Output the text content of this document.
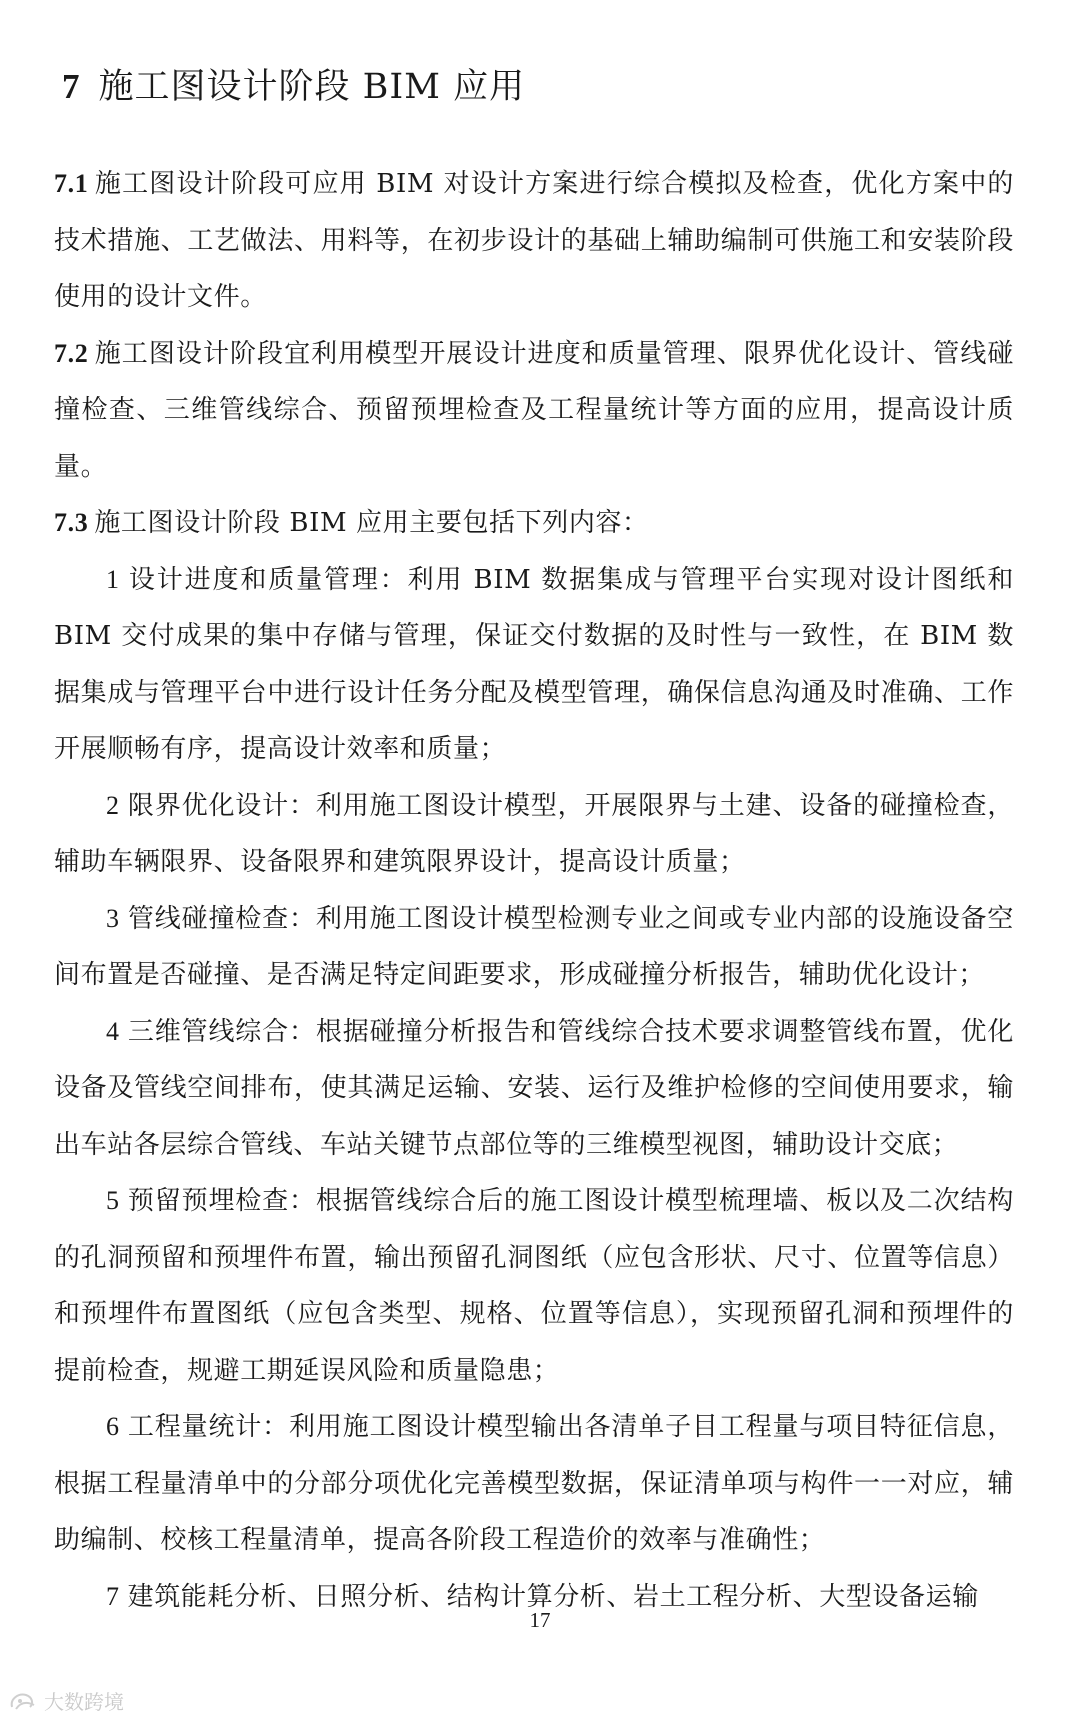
7 施工图设计阶段 BIM 应用

7.1 施工图设计阶段可应用 BIM 对设计方案进行综合模拟及检查，优化方案中的技术措施、工艺做法、用料等，在初步设计的基础上辅助编制可供施工和安装阶段使用的设计文件。

7.2 施工图设计阶段宜利用模型开展设计进度和质量管理、限界优化设计、管线碰撞检查、三维管线综合、预留预埋检查及工程量统计等方面的应用，提高设计质量。

7.3 施工图设计阶段 BIM 应用主要包括下列内容：

1 设计进度和质量管理：利用 BIM 数据集成与管理平台实现对设计图纸和 BIM 交付成果的集中存储与管理，保证交付数据的及时性与一致性，在 BIM 数据集成与管理平台中进行设计任务分配及模型管理，确保信息沟通及时准确、工作开展顺畅有序，提高设计效率和质量；

2 限界优化设计：利用施工图设计模型，开展限界与土建、设备的碰撞检查，辅助车辆限界、设备限界和建筑限界设计，提高设计质量；

3 管线碰撞检查：利用施工图设计模型检测专业之间或专业内部的设施设备空间布置是否碰撞、是否满足特定间距要求，形成碰撞分析报告，辅助优化设计；

4 三维管线综合：根据碰撞分析报告和管线综合技术要求调整管线布置，优化设备及管线空间排布，使其满足运输、安装、运行及维护检修的空间使用要求，输出车站各层综合管线、车站关键节点部位等的三维模型视图，辅助设计交底；

5 预留预埋检查：根据管线综合后的施工图设计模型梳理墙、板以及二次结构的孔洞预留和预埋件布置，输出预留孔洞图纸（应包含形状、尺寸、位置等信息）和预埋件布置图纸（应包含类型、规格、位置等信息），实现预留孔洞和预埋件的提前检查，规避工期延误风险和质量隐患；

6 工程量统计：利用施工图设计模型输出各清单子目工程量与项目特征信息，根据工程量清单中的分部分项优化完善模型数据，保证清单项与构件一一对应，辅助编制、校核工程量清单，提高各阶段工程造价的效率与准确性；

7 建筑能耗分析、日照分析、结构计算分析、岩土工程分析、大型设备运输

17
大数跨境
